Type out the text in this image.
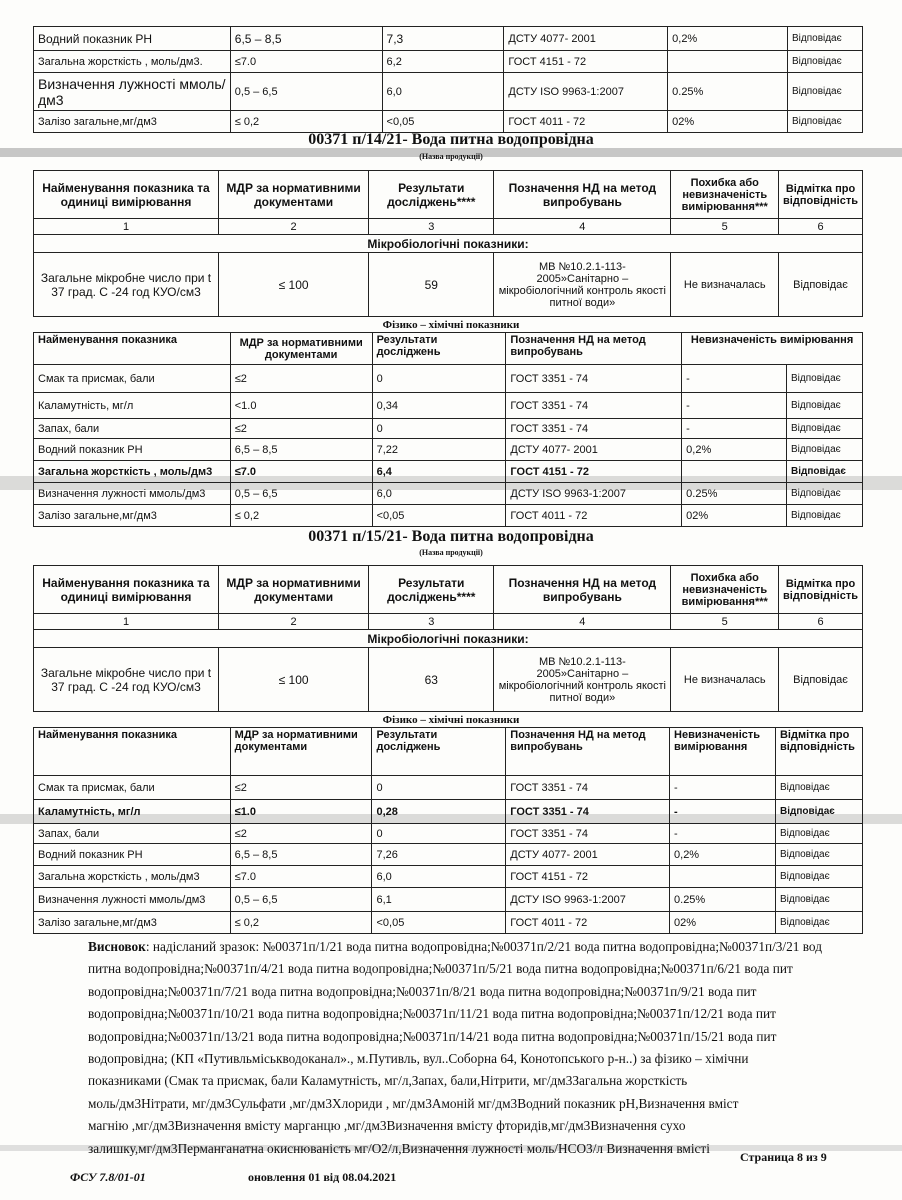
Водний показник РН	6,5 – 8,5	7,3	ДСТУ 4077- 2001	0,2%	Відповідає
Загальна жорсткість , моль/дм3.	≤7.0	6,2	ГОСТ 4151 - 72		Відповідає
Визначення лужності ммоль/дм3	0,5 – 6,5	6,0	ДСТУ ISO 9963-1:2007	0.25%	Відповідає
Залізо загальне,мг/дм3	≤ 0,2	<0,05	ГОСТ 4011 - 72	02%	Відповідає
00371 п/14/21- Вода питна водопровідна
(Назва продукції)
Найменування показника та одиниці вимірювання	МДР за нормативними документами	Результати досліджень****	Позначення НД на метод випробувань	Похибка або невизначеність вимірювання***	Відмітка про відповідність
1	2	3	4	5	6
Мікробіологічні показники:					
Загальне мікробне число при t 37 град. С -24 год КУО/см3	≤ 100	59	МВ №10.2.1-113-2005»Санітарно – мікробіологічний контроль якості питної води»	Не визначалась	Відповідає
Фізико – хімічні показники
Найменування показника	МДР за нормативними документами	Результати досліджень	Позначення НД на метод випробувань	Невизначеність вимірювання	
Смак та присмак, бали	≤2	0	ГОСТ 3351 - 74	-	Відповідає
Каламутність, мг/л	<1.0	0,34	ГОСТ 3351 - 74	-	Відповідає
Запах, бали	≤2	0	ГОСТ 3351 - 74	-	Відповідає
Водний показник РН	6,5 – 8,5	7,22	ДСТУ 4077- 2001	0,2%	Відповідає
Загальна жорсткість , моль/дм3	≤7.0	6,4	ГОСТ 4151 - 72		Відповідає
Визначення лужності ммоль/дм3	0,5 – 6,5	6,0	ДСТУ ISO 9963-1:2007	0.25%	Відповідає
Залізо загальне,мг/дм3	≤ 0,2	<0,05	ГОСТ 4011 - 72	02%	Відповідає
00371 п/15/21- Вода питна водопровідна
(Назва продукції)
Найменування показника та одиниці вимірювання	МДР за нормативними документами	Результати досліджень****	Позначення НД на метод випробувань	Похибка або невизначеність вимірювання***	Відмітка про відповідність
1	2	3	4	5	6
Мікробіологічні показники:					
Загальне мікробне число при t 37 град. С -24 год КУО/см3	≤ 100	63	МВ №10.2.1-113-2005»Санітарно – мікробіологічний контроль якості питної води»	Не визначалась	Відповідає
Фізико – хімічні показники
Найменування показника	МДР за нормативними документами	Результати досліджень	Позначення НД на метод випробувань	Невизначеність вимірювання	Відмітка про відповідність
Смак та присмак, бали	≤2	0	ГОСТ 3351 - 74	-	Відповідає
Каламутність, мг/л	≤1.0	0,28	ГОСТ 3351 - 74	-	Відповідає
Запах, бали	≤2	0	ГОСТ 3351 - 74	-	Відповідає
Водний показник РН	6,5 – 8,5	7,26	ДСТУ 4077- 2001	0,2%	Відповідає
Загальна жорсткість , моль/дм3	≤7.0	6,0	ГОСТ 4151 - 72		Відповідає
Визначення лужності ммоль/дм3	0,5 – 6,5	6,1	ДСТУ ISO 9963-1:2007	0.25%	Відповідає
Залізо загальне,мг/дм3	≤ 0,2	<0,05	ГОСТ 4011 - 72	02%	Відповідає
Висновок: надісланий зразок: №00371п/1/21 вода питна водопровідна;№00371п/2/21 вода питна водопровідна;№00371п/3/21 вод
питна водопровідна;№00371п/4/21 вода питна водопровідна;№00371п/5/21 вода питна водопровідна;№00371п/6/21 вода пит
водопровідна;№00371п/7/21 вода питна водопровідна;№00371п/8/21 вода питна водопровідна;№00371п/9/21 вода пит
водопровідна;№00371п/10/21 вода питна водопровідна;№00371п/11/21 вода питна водопровідна;№00371п/12/21 вода пит
водопровідна;№00371п/13/21 вода питна водопровідна;№00371п/14/21 вода питна водопровідна;№00371п/15/21 вода пит
водопровідна; (КП «Путивльміськводоканал»., м.Путивль, вул..Соборна 64, Конотопського р-н..) за фізико – хімічни
показниками (Смак та присмак, бали Каламутність, мг/л,Запах, бали,Нітрити, мг/дм3Загальна жорсткість
моль/дм3Нітрати, мг/дм3Сульфати ,мг/дм3Хлориди , мг/дм3Амоній мг/дм3Водний показник рН,Визначення вміст
магнію ,мг/дм3Визначення вмісту марганцю ,мг/дм3Визначення вмісту фторидів,мг/дм3Визначення сухо
залишку,мг/дм3Перманганатна окиснюваність мг/О2/л,Визначення лужності моль/НСО3/л Визначення вмісті
ФСУ 7.8/01-01	оновлення 01 від 08.04.2021
Страница 8 из 9
